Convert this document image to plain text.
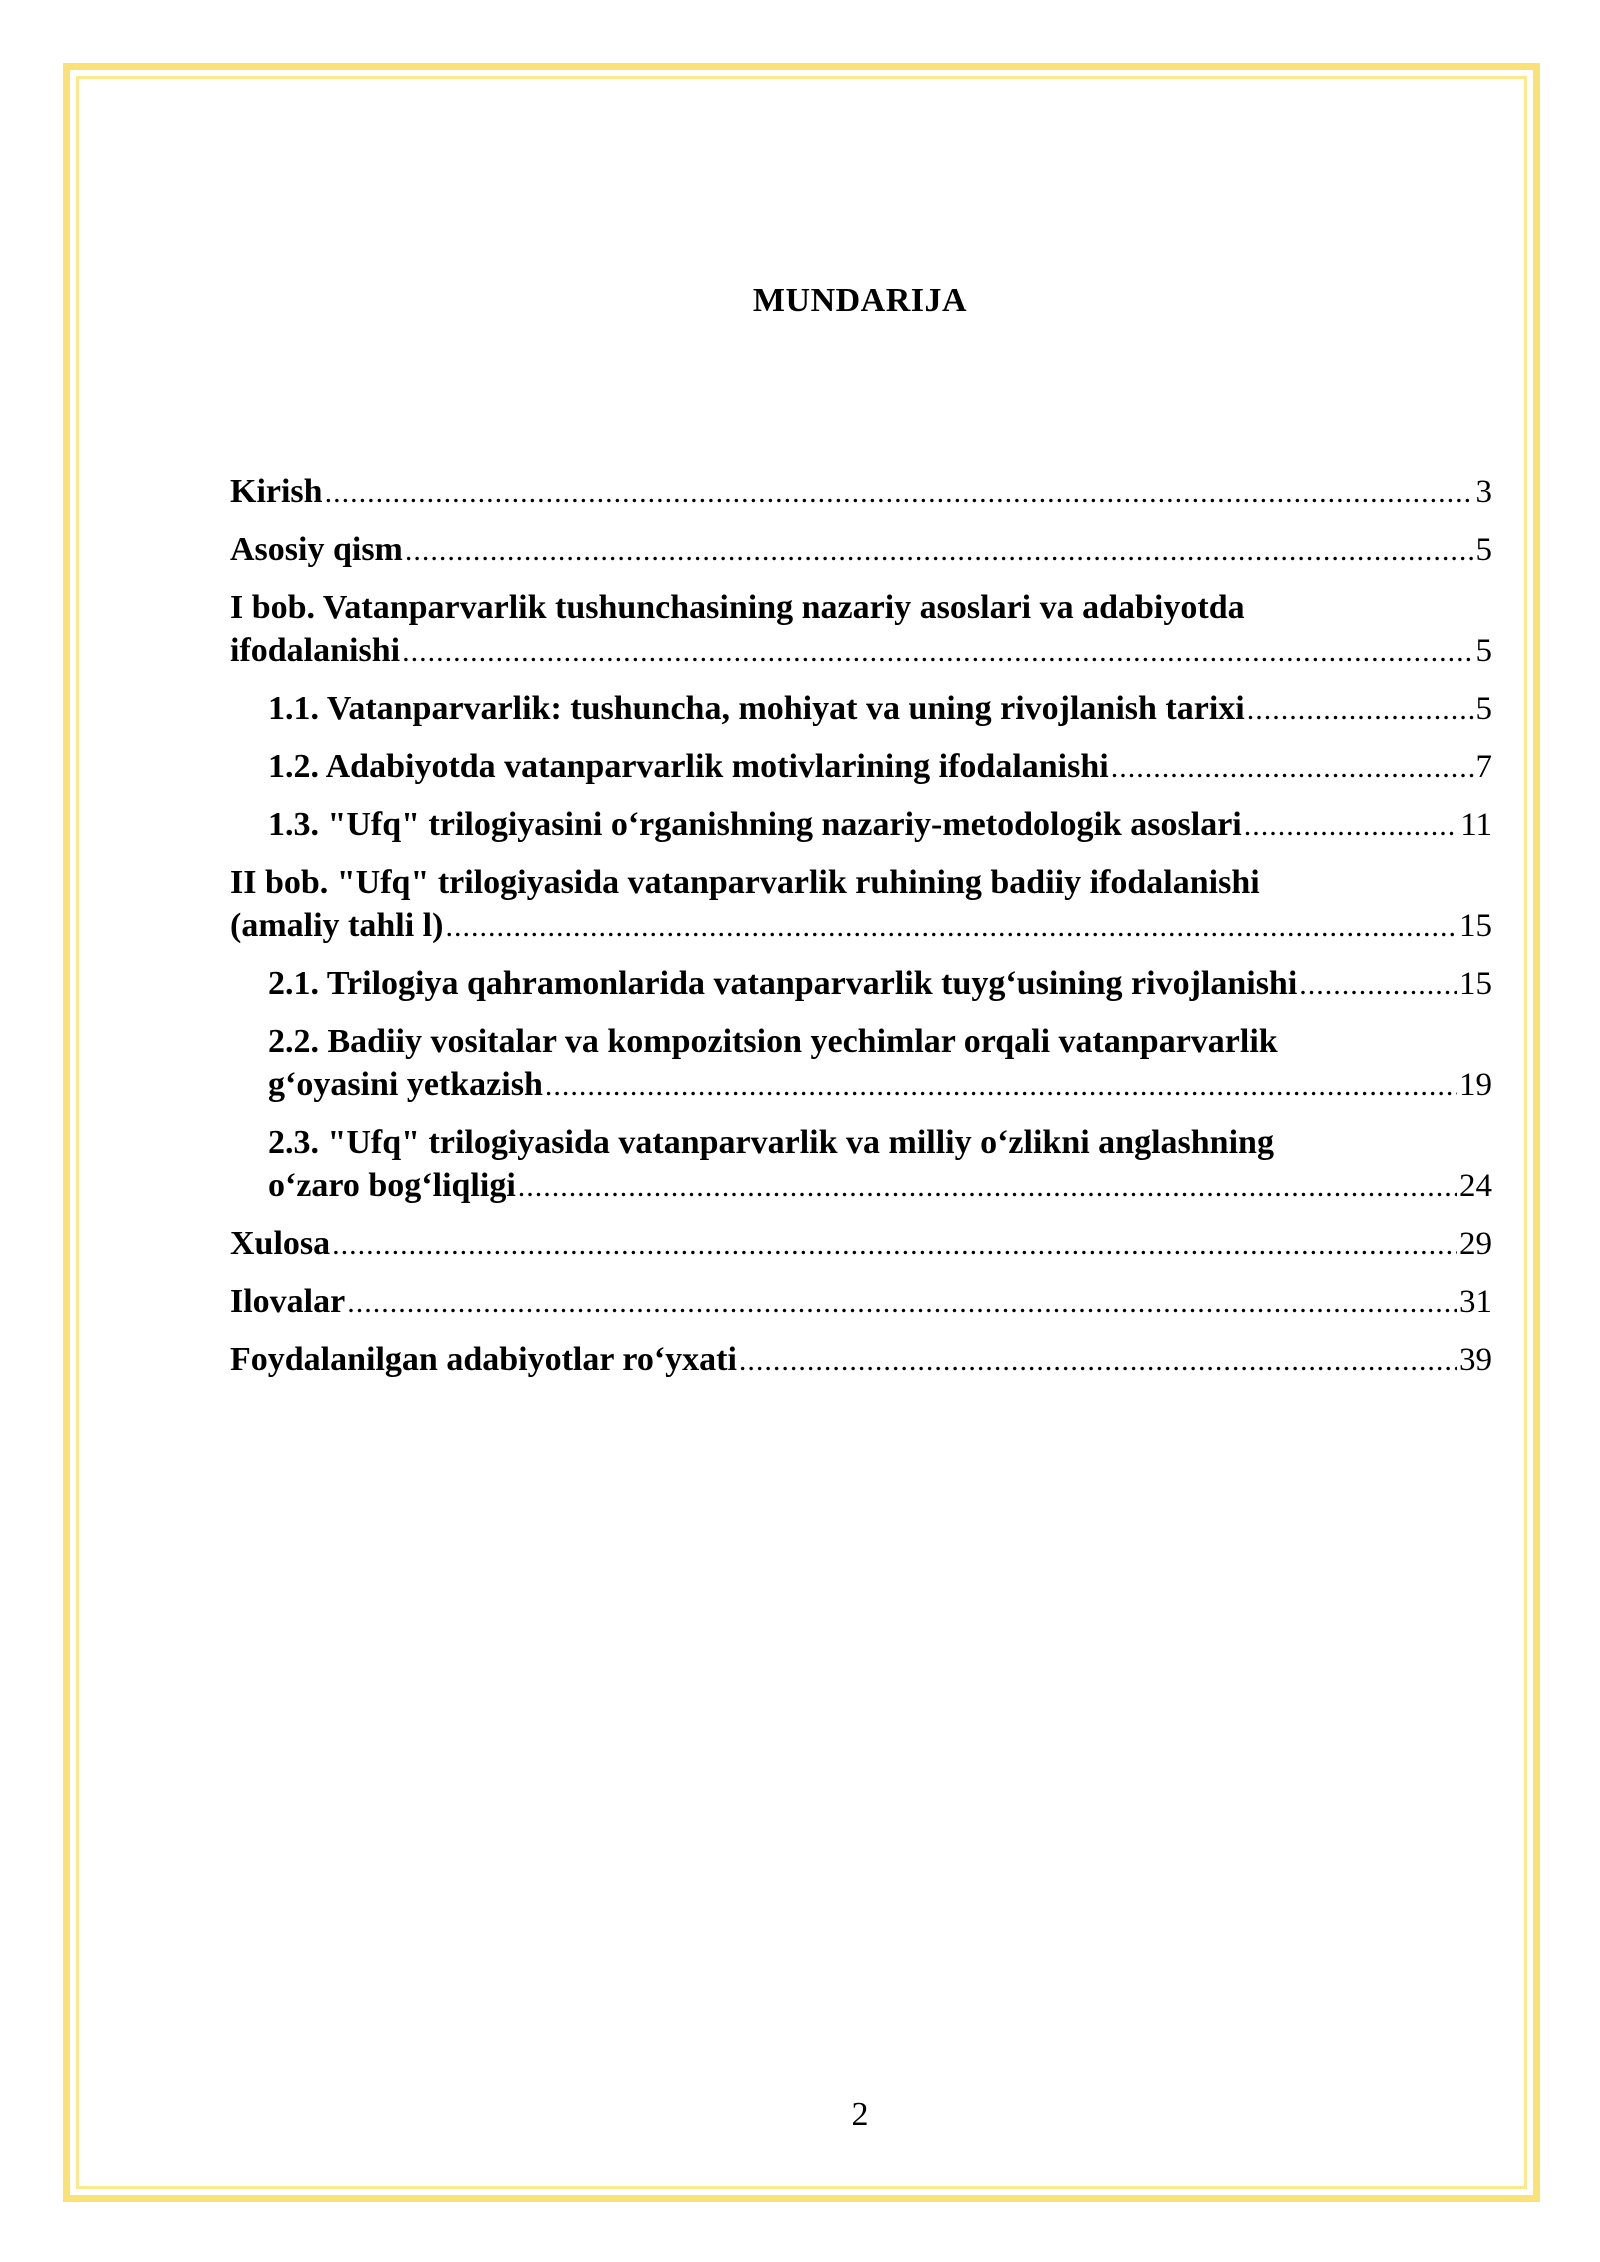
MUNDARIJA
Kirish .....	3
Asosiy qism .....	5
I bob. Vatanparvarlik tushunchasining nazariy asoslari va adabiyotda
ifodalanishi .....	5
1.1. Vatanparvarlik: tushuncha, mohiyat va uning rivojlanish tarixi .....	5
1.2. Adabiyotda vatanparvarlik motivlarining ifodalanishi .....	7
1.3. "Ufq" trilogiyasini o‘rganishning nazariy-metodologik asoslari .....	11
II bob. "Ufq" trilogiyasida vatanparvarlik ruhining badiiy ifodalanishi
(amaliy tahli l) .....	15
2.1. Trilogiya qahramonlarida vatanparvarlik tuyg‘usining rivojlanishi .....	15
2.2. Badiiy vositalar va kompozitsion yechimlar orqali vatanparvarlik
g‘oyasini yetkazish .....	19
2.3. "Ufq" trilogiyasida vatanparvarlik va milliy o‘zlikni anglashning
o‘zaro bog‘liqligi .....	24
Xulosa .....	29
Ilovalar .....	31
Foydalanilgan adabiyotlar ro‘yxati .....	39
2
